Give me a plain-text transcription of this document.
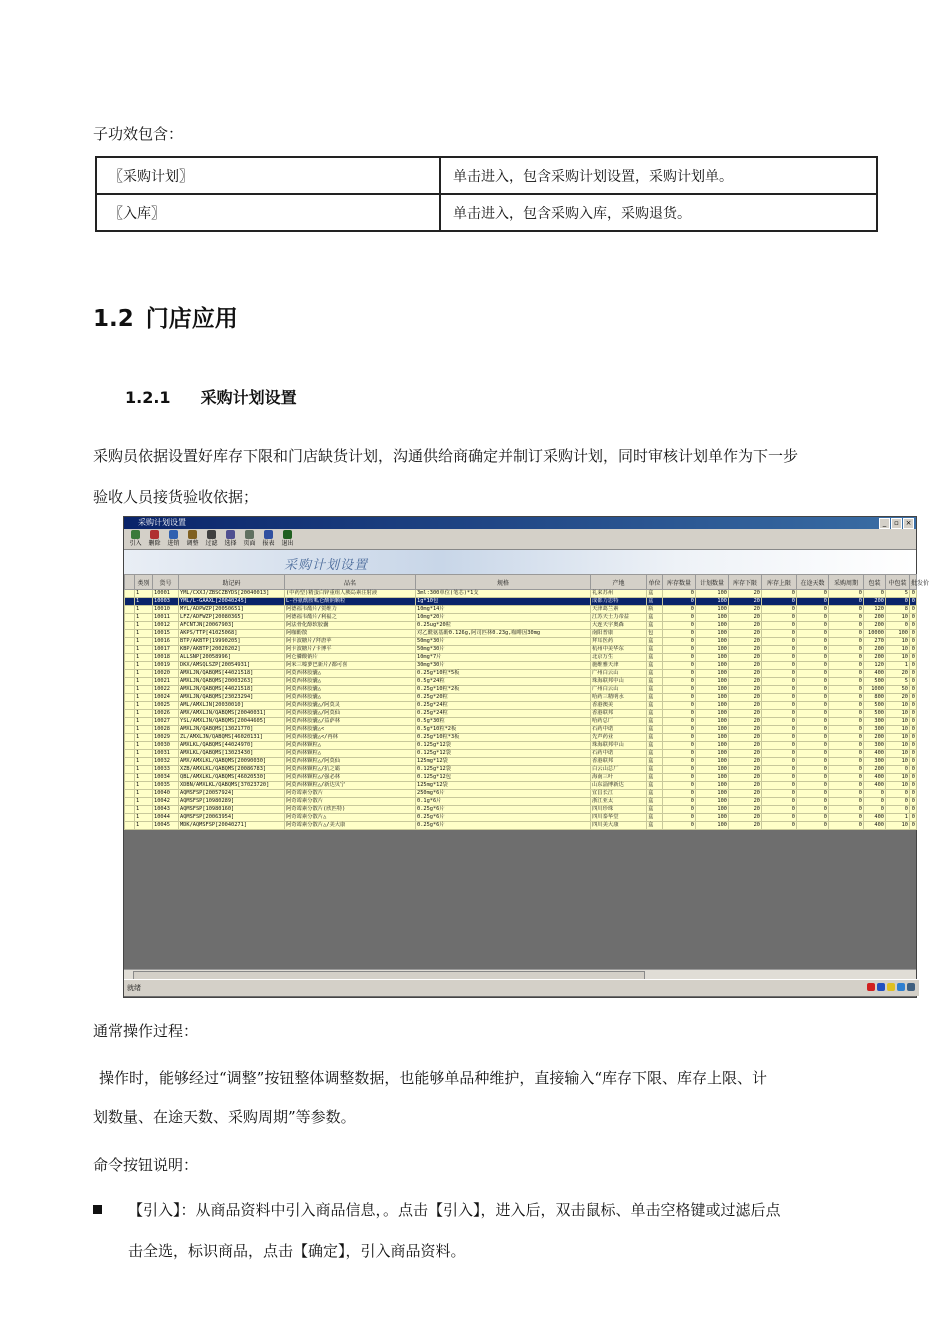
子功效包含：
〖采购计划〗	单击进入，包含采购计划设置，采购计划单。
〖入库〗	单击进入，包含采购入库，采购退货。
1.2 门店应用
1.2.1 采购计划设置
采购员依据设置好库存下限和门店缺货计划，沟通供给商确定并制订采购计划，同时审核计划单作为下一步
验收人员接货验收依据；
采购计划设置	_	▫ ×
引入	删除	进销	调整	过滤	选择	页面	报表	退出
采购计划设置
	类别	货号	助记码	品名	规格	产地	单位	库存数量	计划数量	库存下限	库存上限	在途天数	采购周期	包装	中包装	批发价
	1	10001	YML/CXXJ/ZBSCZBYDS[20040013]	(中药型)精蛋白锌重组人胰岛素注射液	3ml:300单位(笔芯)*1支	礼来苏州	盒	0	100	20	0	0	0	0	5	0
	1	10003	YML/L-GAAXL[20040245]	L-谷氨酰胺呱仑酸钠颗粒	1g*10包	成都力思特	盒	0	100	20	0	0	0	200	0	0
	1	10010	MYL/ADPWZP[20050651]	阿德福韦酯片/贺维力	10mg*14片	天津葛兰素	瓶	0	100	20	0	0	0	120	8	0
	1	10011	LFZ/ADFWZP[20080365]	阿德福韦酯片/利福之	10mg*20片	江苏天士力帝益	盒	0	100	20	0	0	0	200	10	0
	1	10012	AFCNTJN[20067903]	阿法骨化醇软胶囊	0.25ug*20粒	大连天宇奥森	盒	0	100	20	0	0	0	200	0	0
	1	10015	AKPS/TTP[41025068]	阿咖酚散	对乙酰氨基酚0.126g,阿司匹林0.23g,咖啡因30mg	南阳普康	包	0	100	20	0	0	0	10000	100	0
	1	10016	BTP/AKBTP[19990205]	阿卡波糖片/拜唐苹	50mg*30片	拜耳医药	盒	0	100	20	0	0	0	270	10	0
	1	10017	KBP/AKBTP[20020202]	阿卡波糖片/卡博平	50mg*30片	杭州中美华东	盒	0	100	20	0	0	0	200	10	0
	1	10018	ALLSNP[20058996]	阿仑膦酸钠片	10mg*7片	北京万生	盒	0	100	20	0	0	0	200	10	0
	1	10019	DKX/AMSQLSZP[20054931]	阿米三嗪萝巴新片/都可喜	30mg*30片	施维雅天津	盒	0	100	20	0	0	0	120	1	0
	1	10020	AMXLJN/QABQMS[44021518]	阿莫西林胶囊△	0.25g*10粒*5板	广州白云山	盒	0	100	20	0	0	0	400	20	0
	1	10021	AMXLJN/QABQMS[20003263]	阿莫西林胶囊△	0.5g*24粒	珠海联邦中山	盒	0	100	20	0	0	0	500	5	0
	1	10022	AMXLJN/QABQMS[44021518]	阿莫西林胶囊△	0.25g*10粒*2板	广州白云山	盒	0	100	20	0	0	0	1000	50	0
	1	10024	AMXLJN/QABQMS[23023294]	阿莫西林胶囊△	0.25g*20粒	哈药三精明水	盒	0	100	20	0	0	0	800	20	0
	1	10025	AML/AMXLJN[20030010]	阿莫西林胶囊△/阿莫灵	0.25g*24粒	香港澳美	盒	0	100	20	0	0	0	500	10	0
	1	10026	AMX/AMXLJN/QABQMS[20040031]	阿莫西林胶囊△/阿莫仙	0.25g*24粒	香港联邦	盒	0	100	20	0	0	0	500	10	0
	1	10027	YSL/AMXLJN/QABQMS[20044605]	阿莫西林胶囊△/益萨林	0.5g*30粒	哈药总厂	盒	0	100	20	0	0	0	300	10	0
	1	10028	AMXLJN/QABQMS[13021770]	阿莫西林胶囊△<	0.5g*10粒*2板	石药中诺	盒	0	100	20	0	0	0	300	10	0
	1	10029	ZL/AMXLJN/QABQMS[46020131]	阿莫西林胶囊△</再林	0.25g*10粒*3板	先声药业	盒	0	100	20	0	0	0	200	10	0
	1	10030	AMXLKL/QABQMS[44024970]	阿莫西林颗粒△	0.125g*12袋	珠海联邦中山	盒	0	100	20	0	0	0	300	10	0
	1	10031	AMXLKL/QABQMS[13023430]	阿莫西林颗粒△	0.125g*12袋	石药中诺	盒	0	100	20	0	0	0	400	10	0
	1	10032	AMX/AMXLKL/QABQMS[20090030]	阿莫西林颗粒△/阿莫仙	125mg*12袋	香港联邦	盒	0	100	20	0	0	0	300	10	0
	1	10033	XZB/AMXLKL/QABQMS[20086783]	阿莫西林颗粒△/抗之霸	0.125g*12袋	白云山总厂	盒	0	100	20	0	0	0	200	0	0
	1	10034	QBL/AMXLKL/QABQMS[46020530]	阿莫西林颗粒△/强必林	0.125g*12包	海南三叶	盒	0	100	20	0	0	0	400	10	0
	1	10035	XDBN/AMXLKL/QABQMS[37023720]	阿莫西林颗粒△/新达贝宁	125mg*12袋	山东淄博新达	盒	0	100	20	0	0	0	400	10	0
	1	10040	AQMSFSP[20057924]	阿奇霉素分散片	250mg*6片	宜昌长江	盒	0	100	20	0	0	0	0	0	0
	1	10042	AQMSFSP[10980289]	阿奇霉素分散片	0.1g*6片	浙江亚太	盒	0	100	20	0	0	0	0	0	0
	1	10043	AQMSFSP[10980160]	阿奇霉素分散片(欣匹特)	0.25g*6片	四川珍珠	盒	0	100	20	0	0	0	0	0	0
	1	10044	AQMSFSP[20063954]	阿奇霉素分散片△	0.25g*6片	四川泰华堂	盒	0	100	20	0	0	0	400	1	0
	1	10045	MDK/AQMSFSP[20040271]	阿奇霉素分散片△/美大康	0.25g*6片	四川美大康	盒	0	100	20	0	0	0	400	10	0
就绪
通常操作过程：
操作时，能够经过“调整”按钮整体调整数据，也能够单品种维护，直接输入“库存下限、库存上限、计
划数量、在途天数、采购周期”等参数。
命令按钮说明：
【引入】：从商品资料中引入商品信息，。点击【引入】，进入后，双击鼠标、单击空格键或过滤后点
击全选，标识商品，点击【确定】，引入商品资料。
